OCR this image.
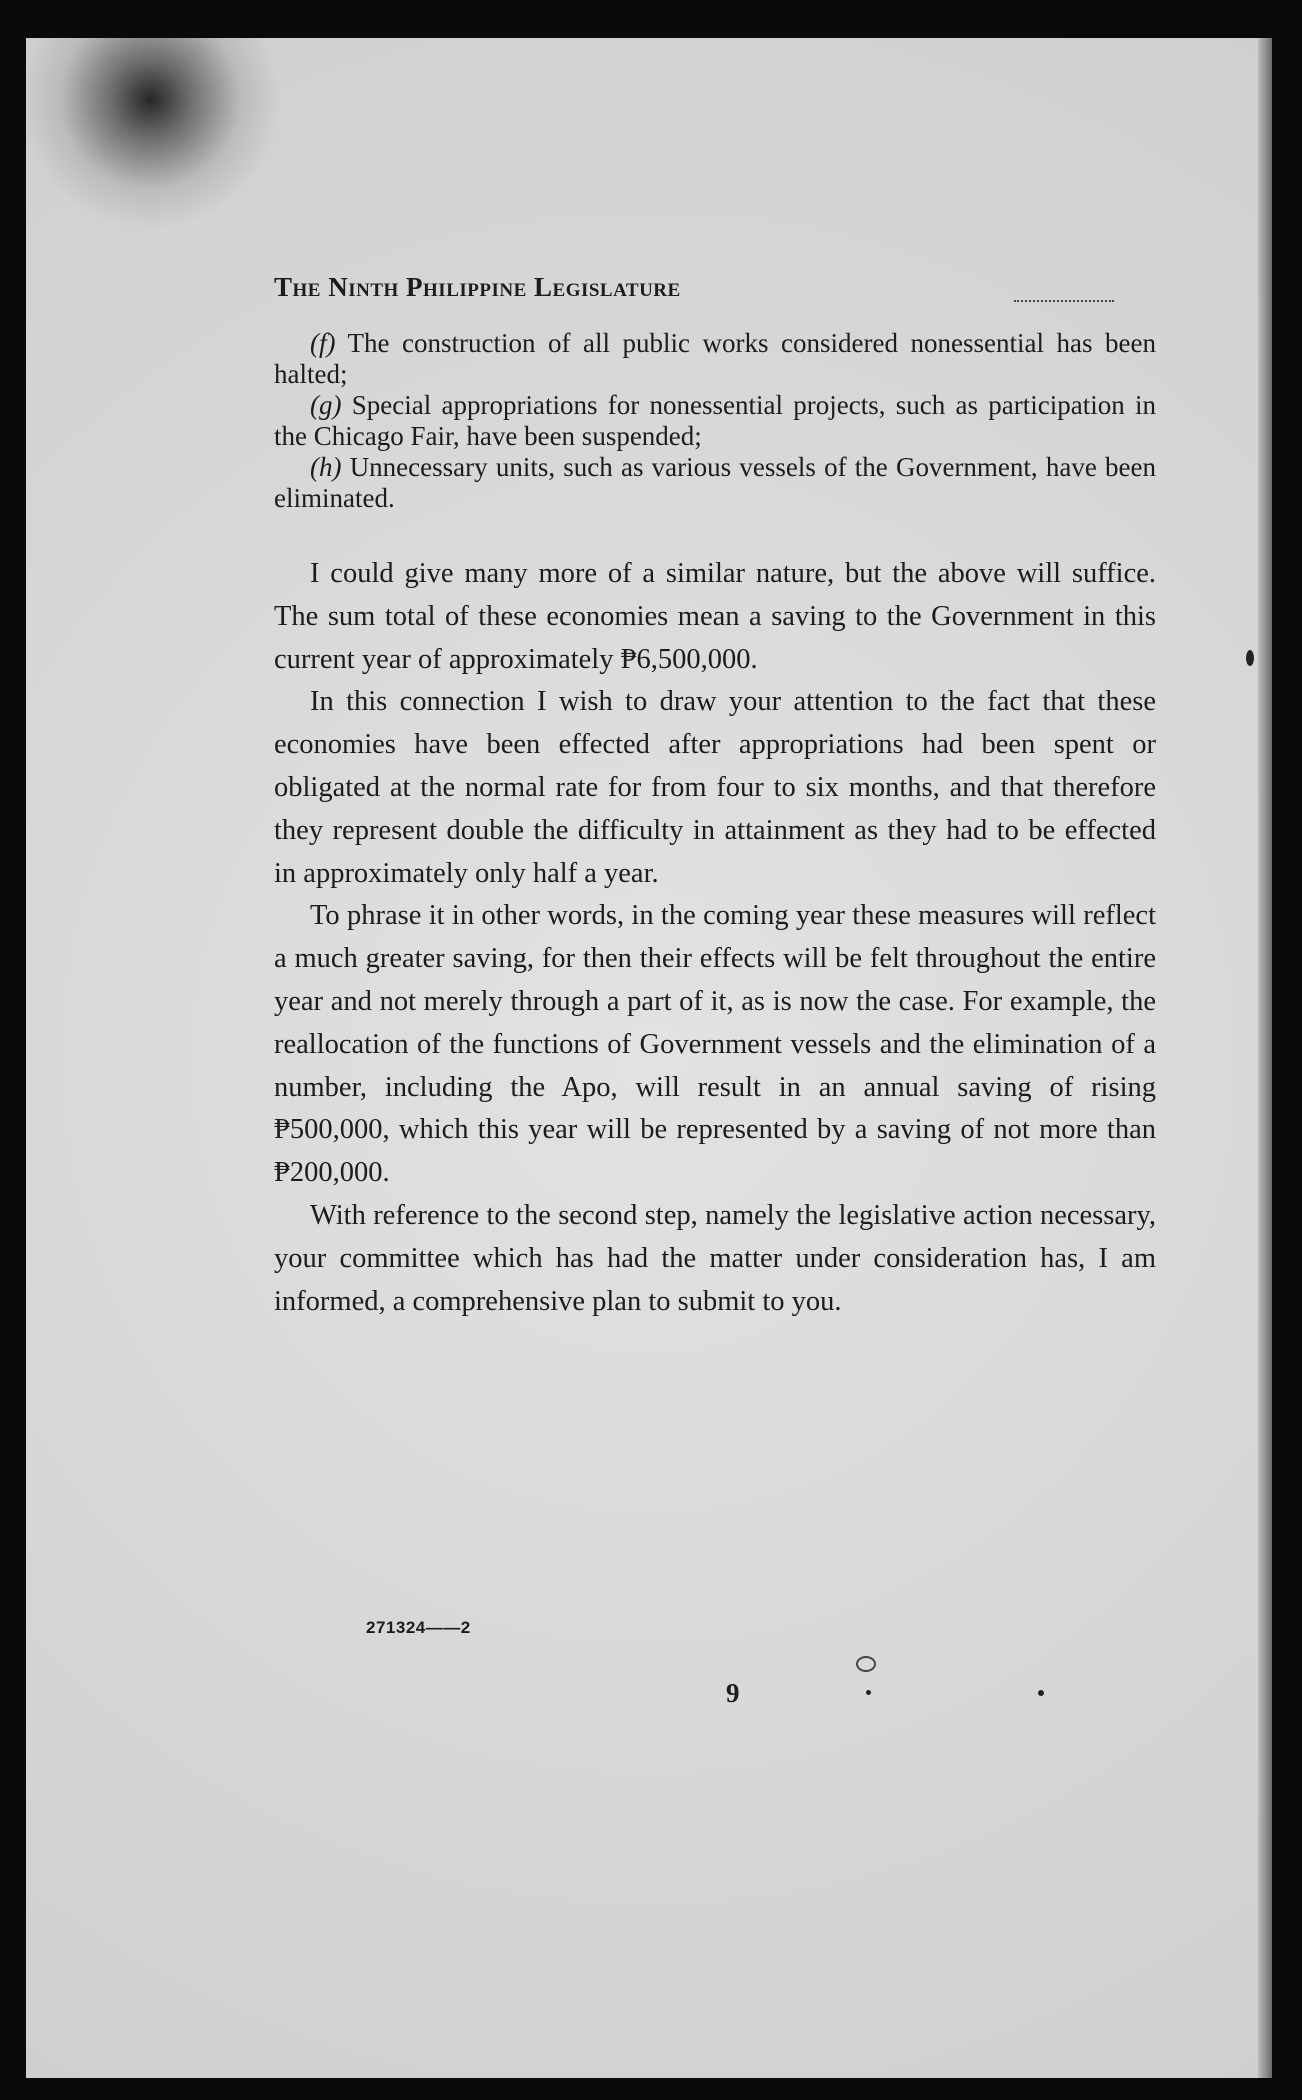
The Ninth Philippine Legislature

(f) The construction of all public works considered nonessential has been halted;

(g) Special appropriations for nonessential projects, such as participation in the Chicago Fair, have been suspended;

(h) Unnecessary units, such as various vessels of the Government, have been eliminated.

I could give many more of a similar nature, but the above will suffice. The sum total of these economies mean a saving to the Government in this current year of approximately ₱6,500,000.

In this connection I wish to draw your attention to the fact that these economies have been effected after appropriations had been spent or obligated at the normal rate for from four to six months, and that therefore they represent double the difficulty in attainment as they had to be effected in approximately only half a year.

To phrase it in other words, in the coming year these measures will reflect a much greater saving, for then their effects will be felt throughout the entire year and not merely through a part of it, as is now the case. For example, the reallocation of the functions of Government vessels and the elimination of a number, including the Apo, will result in an annual saving of rising ₱500,000, which this year will be represented by a saving of not more than ₱200,000.

With reference to the second step, namely the legislative action necessary, your committee which has had the matter under consideration has, I am informed, a comprehensive plan to submit to you.

271324——2
9
